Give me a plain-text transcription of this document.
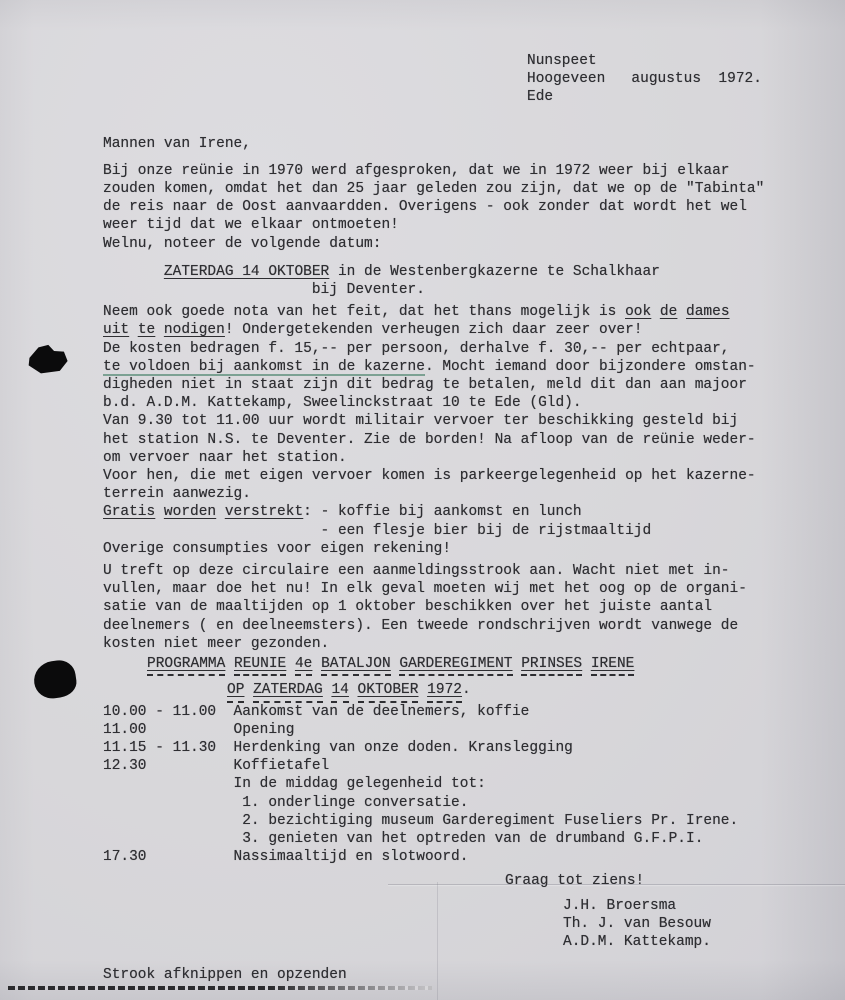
Nunspeet
Hoogeveen   augustus  1972.
Ede
Mannen van Irene,
Bij onze reünie in 1970 werd afgesproken, dat we in 1972 weer bij elkaar
zouden komen, omdat het dan 25 jaar geleden zou zijn, dat we op de "Tabinta"
de reis naar de Oost aanvaardden. Overigens - ook zonder dat wordt het wel
weer tijd dat we elkaar ontmoeten!
Welnu, noteer de volgende datum:
ZATERDAG 14 OKTOBER in de Westenbergkazerne te Schalkhaar
bij Deventer.
Neem ook goede nota van het feit, dat het thans mogelijk is ook de dames
uit te nodigen! Ondergetekenden verheugen zich daar zeer over!
De kosten bedragen f. 15,-- per persoon, derhalve f. 30,-- per echtpaar,
te voldoen bij aankomst in de kazerne. Mocht iemand door bijzondere omstan-
digheden niet in staat zijn dit bedrag te betalen, meld dit dan aan majoor
b.d. A.D.M. Kattekamp, Sweelinckstraat 10 te Ede (Gld).
Van 9.30 tot 11.00 uur wordt militair vervoer ter beschikking gesteld bij
het station N.S. te Deventer. Zie de borden! Na afloop van de reünie weder-
om vervoer naar het station.
Voor hen, die met eigen vervoer komen is parkeergelegenheid op het kazerne-
terrein aanwezig.
Gratis worden verstrekt: - koffie bij aankomst en lunch
- een flesje bier bij de rijstmaaltijd
Overige consumpties voor eigen rekening!
U treft op deze circulaire een aanmeldingsstrook aan. Wacht niet met in-
vullen, maar doe het nu! In elk geval moeten wij met het oog op de organi-
satie van de maaltijden op 1 oktober beschikken over het juiste aantal
deelnemers ( en deelneemsters). Een tweede rondschrijven wordt vanwege de
kosten niet meer gezonden.
PROGRAMMA REUNIE 4e BATALJON GARDEREGIMENT PRINSES IRENE
OP ZATERDAG 14 OKTOBER 1972.
10.00 - 11.00  Aankomst van de deelnemers, koffie
11.00          Opening
11.15 - 11.30  Herdenking van onze doden. Kranslegging
12.30          Koffietafel
In de middag gelegenheid tot:
1. onderlinge conversatie.
2. bezichtiging museum Garderegiment Fuseliers Pr. Irene.
3. genieten van het optreden van de drumband G.F.P.I.
17.30          Nassimaaltijd en slotwoord.
Graag tot ziens!
J.H. Broersma
Th. J. van Besouw
A.D.M. Kattekamp.
Strook afknippen en opzenden
